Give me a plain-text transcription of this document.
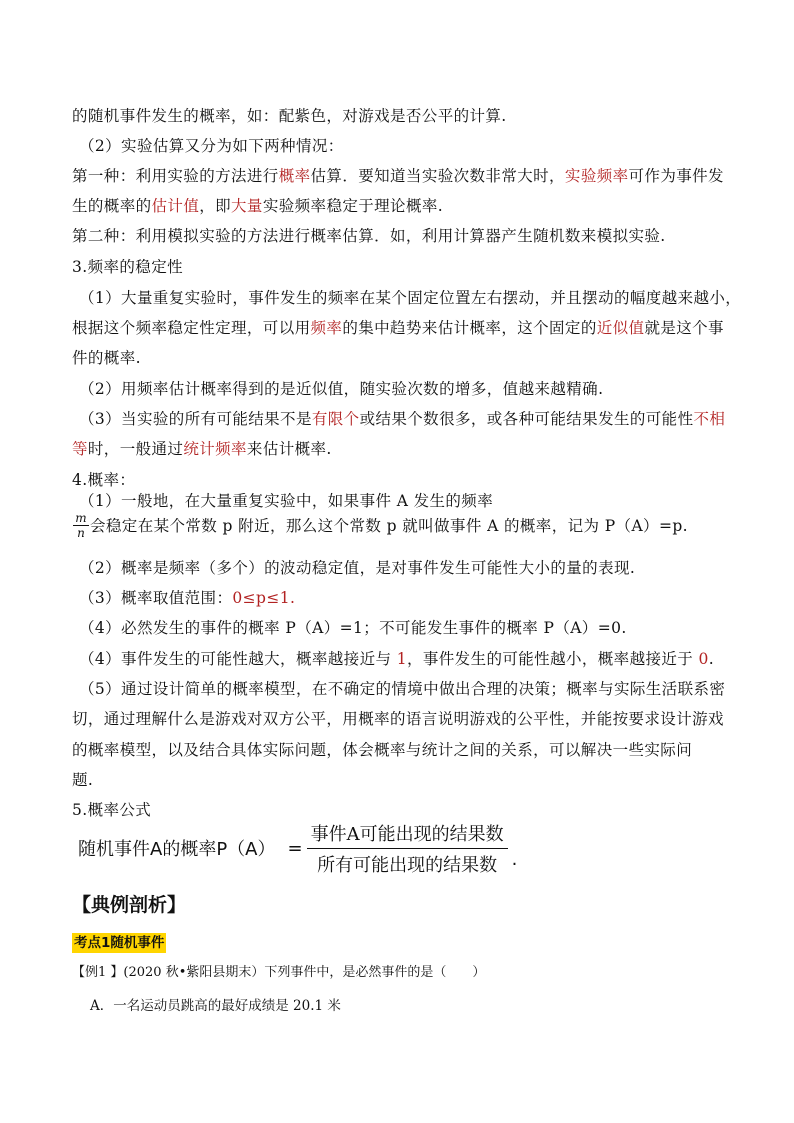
的随机事件发生的概率，如：配紫色，对游戏是否公平的计算.
（2）实验估算又分为如下两种情况：
第一种：利用实验的方法进行概率估算．要知道当实验次数非常大时，实验频率可作为事件发
生的概率的估计值，即大量实验频率稳定于理论概率.
第二种：利用模拟实验的方法进行概率估算．如，利用计算器产生随机数来模拟实验.
3.频率的稳定性
（1）大量重复实验时，事件发生的频率在某个固定位置左右摆动，并且摆动的幅度越来越小，
根据这个频率稳定性定理，可以用频率的集中趋势来估计概率，这个固定的近似值就是这个事
件的概率.
（2）用频率估计概率得到的是近似值，随实验次数的增多，值越来越精确.
（3）当实验的所有可能结果不是有限个或结果个数很多，或各种可能结果发生的可能性不相
等时，一般通过统计频率来估计概率.
4.概率：
（1）一般地，在大量重复实验中，如果事件 A 发生的频率
m
n 会稳定在某个常数 p 附近，那么这个常数 p 就叫做事件 A 的概率，记为 P（A）=p.
（2）概率是频率（多个）的波动稳定值，是对事件发生可能性大小的量的表现.
（3）概率取值范围：0≤p≤1.
（4）必然发生的事件的概率 P（A）=1；不可能发生事件的概率 P（A）=0.
（4）事件发生的可能性越大，概率越接近与 1，事件发生的可能性越小，概率越接近于 0.
（5）通过设计简单的概率模型，在不确定的情境中做出合理的决策；概率与实际生活联系密
切，通过理解什么是游戏对双方公平，用概率的语言说明游戏的公平性，并能按要求设计游戏
的概率模型，以及结合具体实际问题，体会概率与统计之间的关系，可以解决一些实际问
题.
5.概率公式
随机事件A的概率$P(A) = \frac{\text{事件A可能出现的结果数}}{\text{所有可能出现的结果数}}$ .
【典例剖析】
考点1随机事件
【例1 】(2020 秋•紫阳县期末）下列事件中，是必然事件的是（　　）
A．一名运动员跳高的最好成绩是 20.1 米
